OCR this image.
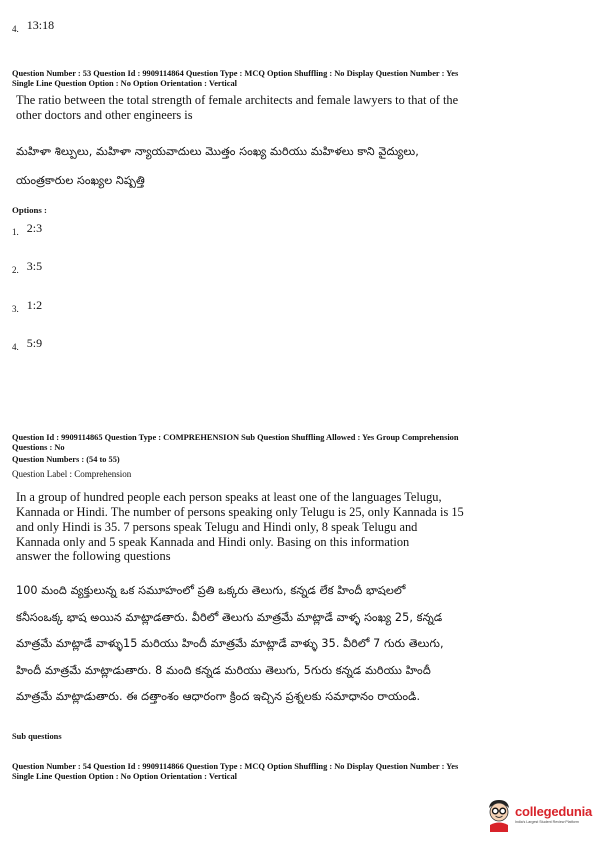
4. 13:18
Question Number : 53 Question Id : 9909114864 Question Type : MCQ Option Shuffling : No Display Question Number : Yes
Single Line Question Option : No Option Orientation : Vertical
The ratio between the total strength of female architects and female lawyers to that of the
other doctors and other engineers is
మహిళా శిల్పులు, మహిళా న్యాయవాదులు మొత్తం సంఖ్య మరియు మహిళలు కాని వైద్యులు,
యంత్రకారుల సంఖ్యల నిష్పత్తి
Options :
1. 2:3
2. 3:5
3. 1:2
4. 5:9
Question Id : 9909114865 Question Type : COMPREHENSION Sub Question Shuffling Allowed : Yes Group Comprehension
Questions : No
Question Numbers : (54 to 55)
Question Label : Comprehension
In a group of hundred people each person speaks at least one of the languages Telugu,
Kannada or Hindi. The number of persons speaking only Telugu is 25, only Kannada is 15
and only Hindi is 35. 7 persons speak Telugu and Hindi only, 8 speak Telugu and
Kannada only and 5 speak Kannada and Hindi only. Basing on this information
answer the following questions
100 మంది వ్యక్తులున్న ఒక సమూహంలో ప్రతి ఒక్కరు తెలుగు, కన్నడ లేక హిందీ భాషలలో
కనీసంఒక్క భాష అయిన మాట్లాడతారు. వీరిలో తెలుగు మాత్రమే మాట్లాడే వాళ్ళ సంఖ్య 25, కన్నడ
మాత్రమే మాట్లాడే వాళ్ళు15 మరియు హిందీ మాత్రమే మాట్లాడే వాళ్ళు 35. వీరిలో 7 గురు తెలుగు,
హిందీ మాత్రమే మాట్లాడుతారు. 8 మంది కన్నడ మరియు తెలుగు, 5గురు కన్నడ మరియు హిందీ
మాత్రమే మాట్లాడుతారు. ఈ దత్తాంశం ఆధారంగా క్రింద ఇచ్చిన ప్రశ్నలకు సమాధానం రాయండి.
Sub questions
Question Number : 54 Question Id : 9909114866 Question Type : MCQ Option Shuffling : No Display Question Number : Yes
Single Line Question Option : No Option Orientation : Vertical
collegedunia
India's Largest Student Review Platform
